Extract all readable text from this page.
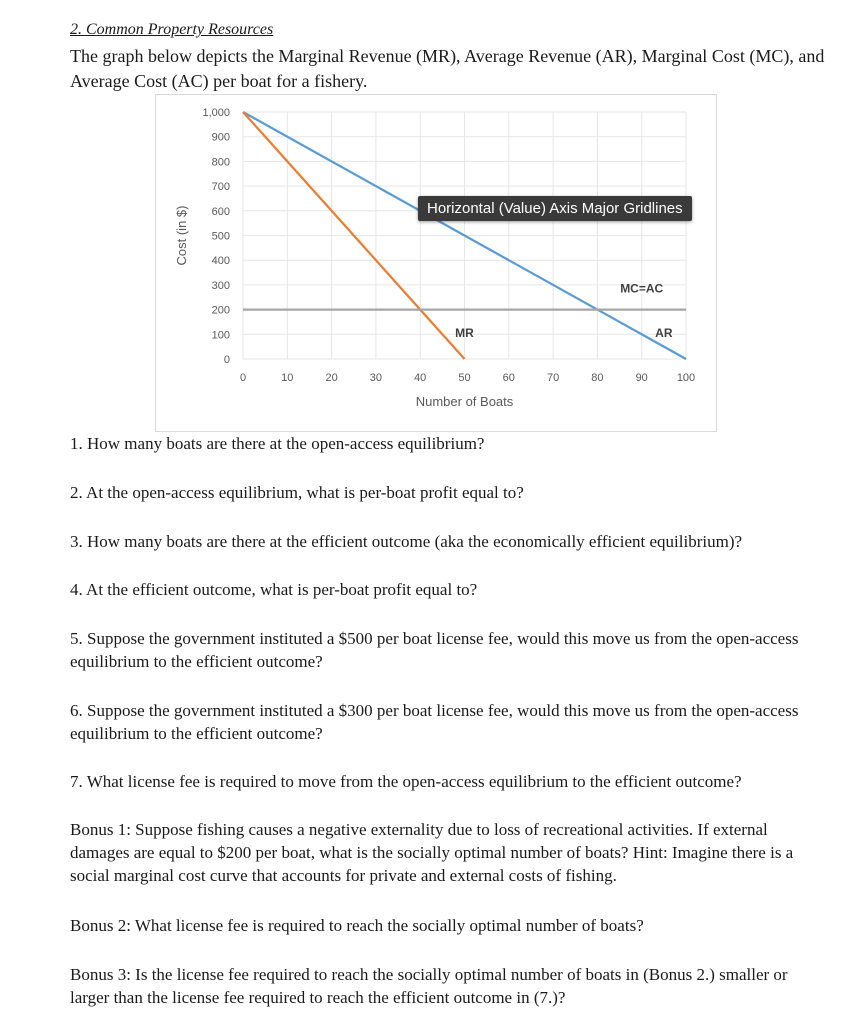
2. Common Property Resources
The graph below depicts the Marginal Revenue (MR), Average Revenue (AR), Marginal Cost (MC), and Average Cost (AC) per boat for a fishery.
0
100
200
300
400
500
600
700
800
900
1,000
0	10	20	30	40	50	60	70	80	90	100
Number of Boats
Cost (in $)
AR
MR
MC=AC
Horizontal (Value) Axis Major Gridlines
1. How many boats are there at the open-access equilibrium?
2. At the open-access equilibrium, what is per-boat profit equal to?
3. How many boats are there at the efficient outcome (aka the economically efficient equilibrium)?
4. At the efficient outcome, what is per-boat profit equal to?
5. Suppose the government instituted a $500 per boat license fee, would this move us from the open-access equilibrium to the efficient outcome?
6. Suppose the government instituted a $300 per boat license fee, would this move us from the open-access equilibrium to the efficient outcome?
7. What license fee is required to move from the open-access equilibrium to the efficient outcome?
Bonus 1: Suppose fishing causes a negative externality due to loss of recreational activities. If external damages are equal to $200 per boat, what is the socially optimal number of boats? Hint: Imagine there is a social marginal cost curve that accounts for private and external costs of fishing.
Bonus 2: What license fee is required to reach the socially optimal number of boats?
Bonus 3: Is the license fee required to reach the socially optimal number of boats in (Bonus 2.) smaller or larger than the license fee required to reach the efficient outcome in (7.)?
